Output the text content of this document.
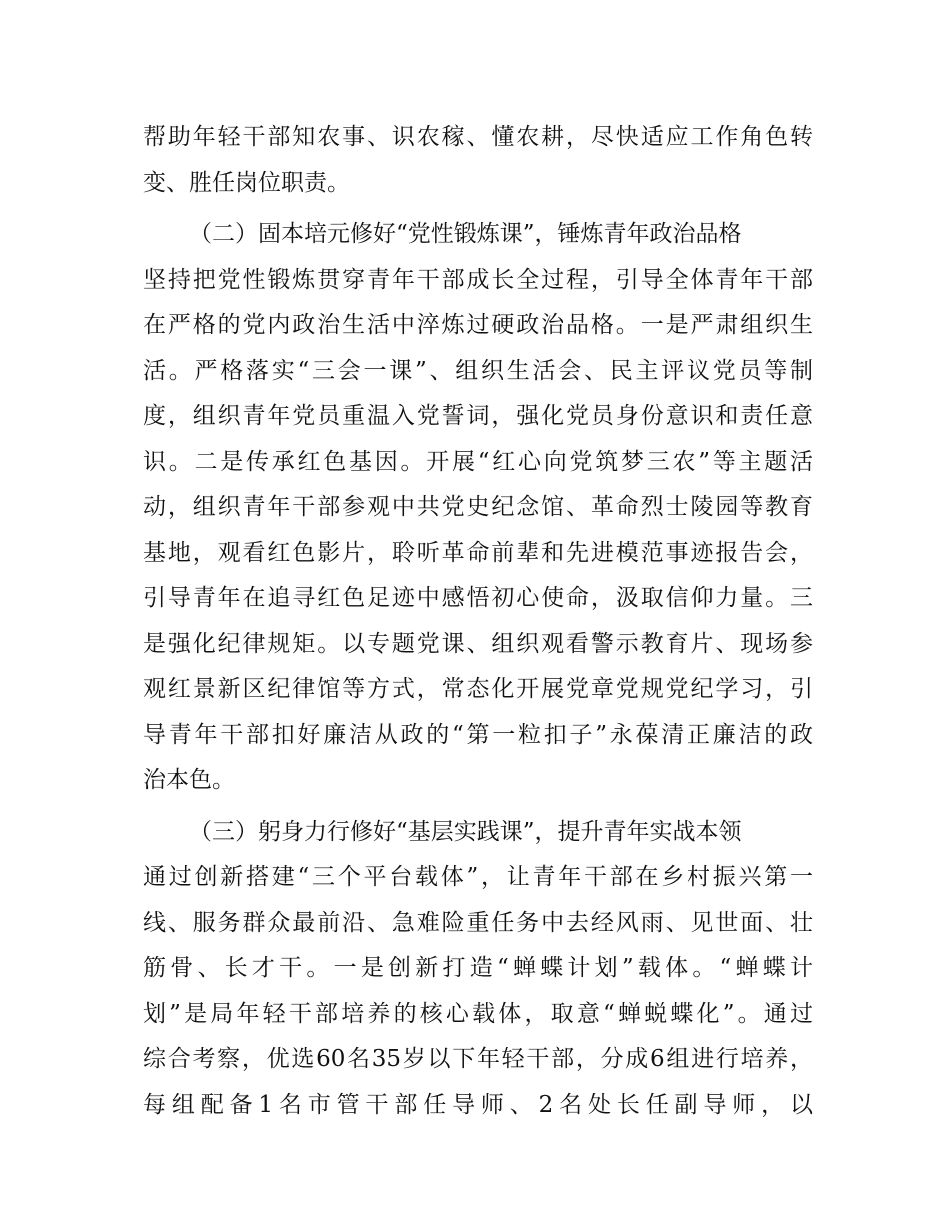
帮助年轻干部知农事、识农稼、懂农耕，尽快适应工作角色转
变、胜任岗位职责。
（二）固本培元修好“党性锻炼课”，锤炼青年政治品格
坚持把党性锻炼贯穿青年干部成长全过程，引导全体青年干部
在严格的党内政治生活中淬炼过硬政治品格。一是严肃组织生
活。严格落实“三会一课”、组织生活会、民主评议党员等制
度，组织青年党员重温入党誓词，强化党员身份意识和责任意
识。二是传承红色基因。开展“红心向党筑梦三农”等主题活
动，组织青年干部参观中共党史纪念馆、革命烈士陵园等教育
基地，观看红色影片，聆听革命前辈和先进模范事迹报告会，
引导青年在追寻红色足迹中感悟初心使命，汲取信仰力量。三
是强化纪律规矩。以专题党课、组织观看警示教育片、现场参
观红景新区纪律馆等方式，常态化开展党章党规党纪学习，引
导青年干部扣好廉洁从政的“第一粒扣子”永葆清正廉洁的政
治本色。
（三）躬身力行修好“基层实践课”，提升青年实战本领
通过创新搭建“三个平台载体”，让青年干部在乡村振兴第一
线、服务群众最前沿、急难险重任务中去经风雨、见世面、壮
筋骨、长才干。一是创新打造“蝉蝶计划”载体。“蝉蝶计
划”是局年轻干部培养的核心载体，取意“蝉蜕蝶化”。通过
综合考察，优选60名35岁以下年轻干部，分成6组进行培养，
每组配备1名市管干部任导师、2名处长任副导师，以
